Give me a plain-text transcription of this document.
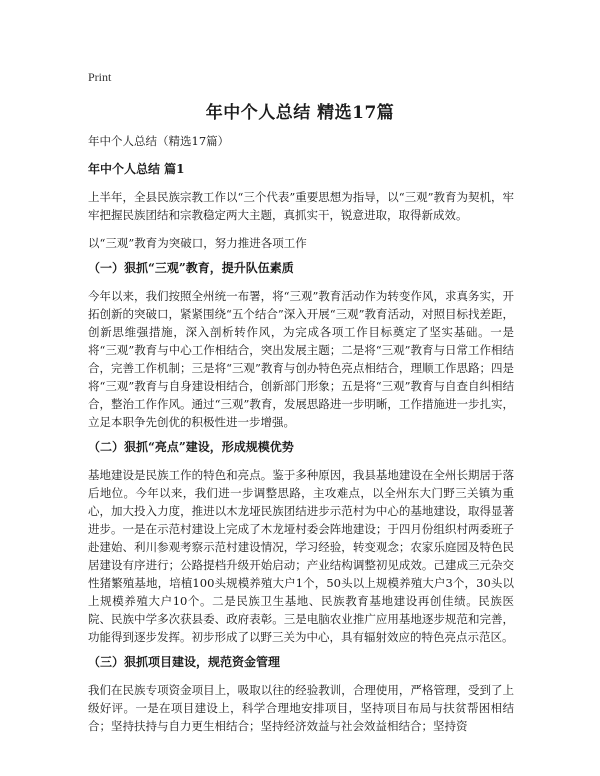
Print
年中个人总结 精选17篇

年中个人总结（精选17篇）

年中个人总结 篇1

上半年，全县民族宗教工作以“三个代表”重要思想为指导，以“三观”教育为契机，牢牢把握民族团结和宗教稳定两大主题，真抓实干，锐意进取，取得新成效。

以“三观”教育为突破口，努力推进各项工作

（一）狠抓“三观”教育，提升队伍素质

今年以来，我们按照全州统一布署，将“三观”教育活动作为转变作风，求真务实，开拓创新的突破口，紧紧围绕“五个结合”深入开展“三观”教育活动，对照目标找差距，创新思维强措施，深入剖析转作风，为完成各项工作目标奠定了坚实基础。一是将“三观”教育与中心工作相结合，突出发展主题；二是将“三观”教育与日常工作相结合，完善工作机制；三是将“三观”教育与创办特色亮点相结合，理顺工作思路；四是将“三观”教育与自身建设相结合，创新部门形象；五是将“三观”教育与自查自纠相结合，整治工作作风。通过“三观”教育，发展思路进一步明晰，工作措施进一步扎实，立足本职争先创优的积极性进一步增强。

（二）狠抓“亮点”建设，形成规模优势

基地建设是民族工作的特色和亮点。鉴于多种原因，我县基地建设在全州长期居于落后地位。今年以来，我们进一步调整思路，主攻难点，以全州东大门野三关镇为重心，加大投入力度，推进以木龙垭民族团结进步示范村为中心的基地建设，取得显著进步。一是在示范村建设上完成了木龙垭村委会阵地建设；于四月份组织村两委班子赴建始、利川参观考察示范村建设情况，学习经验，转变观念；农家乐庭园及特色民居建设有序进行；公路提档升级开始启动；产业结构调整初见成效。己建成三元杂交性猪繁殖基地，培植100头规模养殖大户1个，50头以上规模养殖大户3个，30头以上规模养殖大户10个。二是民族卫生基地、民族教育基地建设再创佳绩。民族医院、民族中学多次获县委、政府表彰。三是电脑农业推广应用基地逐步规范和完善，功能得到逐步发挥。初步形成了以野三关为中心，具有辐射效应的特色亮点示范区。

（三）狠抓项目建设，规范资金管理

我们在民族专项资金项目上，吸取以往的经验教训，合理使用，严格管理，受到了上级好评。一是在项目建设上，科学合理地安排项目，坚持项目布局与扶贫帮困相结合；坚持扶持与自力更生相结合；坚持经济效益与社会效益相结合；坚持资
